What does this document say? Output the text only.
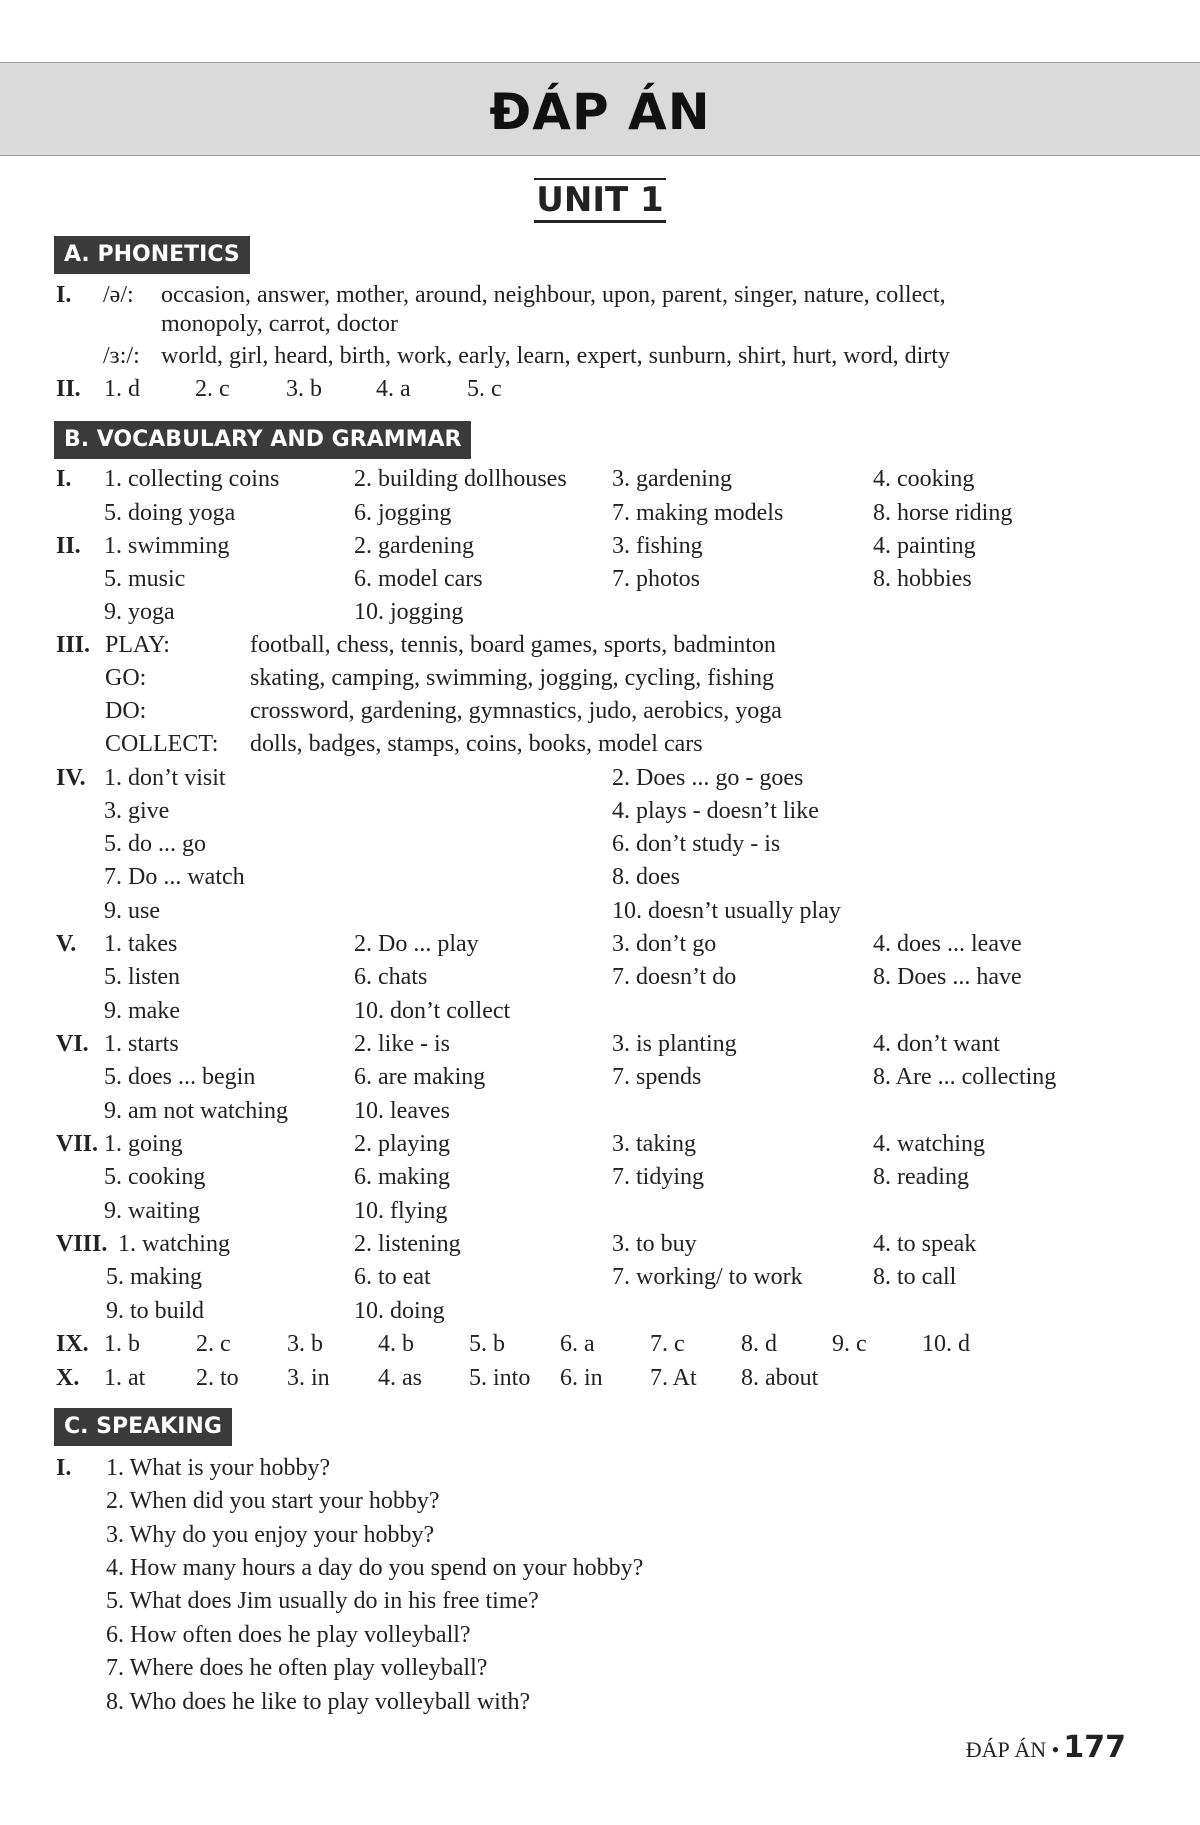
ĐÁP ÁN
UNIT 1
A. PHONETICS
I. /ə/: occasion, answer, mother, around, neighbour, upon, parent, singer, nature, collect,
monopoly, carrot, doctor
/ɜ:/: world, girl, heard, birth, work, early, learn, expert, sunburn, shirt, hurt, word, dirty
II. 1. d 2. c 3. b 4. a 5. c
B. VOCABULARY AND GRAMMAR
I. 1. collecting coins	2. building dollhouses 3. gardening	4. cooking
5. doing yoga	6. jogging	7. making models	8. horse riding
II. 1. swimming	2. gardening	3. fishing	4. painting
5. music	6. model cars	7. photos	8. hobbies
9. yoga	10. jogging
III. PLAY:	football, chess, tennis, board games, sports, badminton
GO:	skating, camping, swimming, jogging, cycling, fishing
DO:	crossword, gardening, gymnastics, judo, aerobics, yoga
COLLECT: dolls, badges, stamps, coins, books, model cars
IV. 1. don’t visit	2. Does ... go - goes
3. give	4. plays - doesn’t like
5. do ... go	6. don’t study - is
7. Do ... watch	8. does
9. use	10. doesn’t usually play
V. 1. takes	2. Do ... play	3. don’t go	4. does ... leave
5. listen	6. chats	7. doesn’t do	8. Does ... have
9. make	10. don’t collect
VI. 1. starts	2. like - is	3. is planting	4. don’t want
5. does ... begin	6. are making	7. spends	8. Are ... collecting
9. am not watching	10. leaves
VII. 1. going	2. playing	3. taking	4. watching
5. cooking	6. making	7. tidying	8. reading
9. waiting	10. flying
VIII. 1. watching	2. listening	3. to buy	4. to speak
5. making	6. to eat	7. working/ to work	8. to call
9. to build	10. doing
IX. 1. b 2. c 3. b 4. b 5. b 6. a 7. c 8. d 9. c 10. d
X. 1. at 2. to 3. in 4. as 5. into 6. in 7. At 8. about
C. SPEAKING
I. 1. What is your hobby?
2. When did you start your hobby?
3. Why do you enjoy your hobby?
4. How many hours a day do you spend on your hobby?
5. What does Jim usually do in his free time?
6. How often does he play volleyball?
7. Where does he often play volleyball?
8. Who does he like to play volleyball with?
ĐÁP ÁN • 177
